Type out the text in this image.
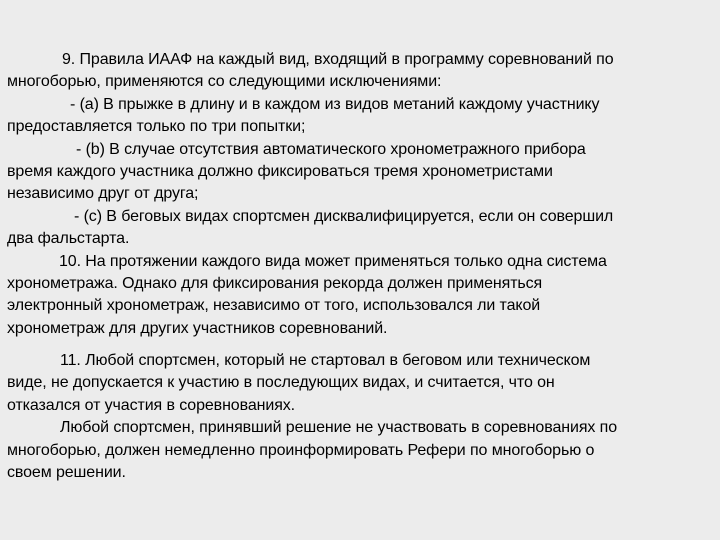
9. Правила ИААФ на каждый вид, входящий в программу соревнований по
многоборью, применяются со следующими исключениями:
- (a) В прыжке в длину и в каждом из видов метаний каждому участнику
предоставляется только по три попытки;
- (b) В случае отсутствия автоматического хронометражного прибора
время каждого участника должно фиксироваться тремя хронометристами
независимо друг от друга;
- (c) В беговых видах спортсмен дисквалифицируется, если он совершил
два фальстарта.
10. На протяжении каждого вида может применяться только одна система
хронометража. Однако для фиксирования рекорда должен применяться
электронный хронометраж, независимо от того, использовался ли такой
хронометраж для других участников соревнований.
11. Любой спортсмен, который не стартовал в беговом или техническом
виде, не допускается к участию в последующих видах, и считается, что он
отказался от участия в соревнованиях.
Любой спортсмен, принявший решение не участвовать в соревнованиях по
многоборью, должен немедленно проинформировать Рефери по многоборью о
своем решении.
